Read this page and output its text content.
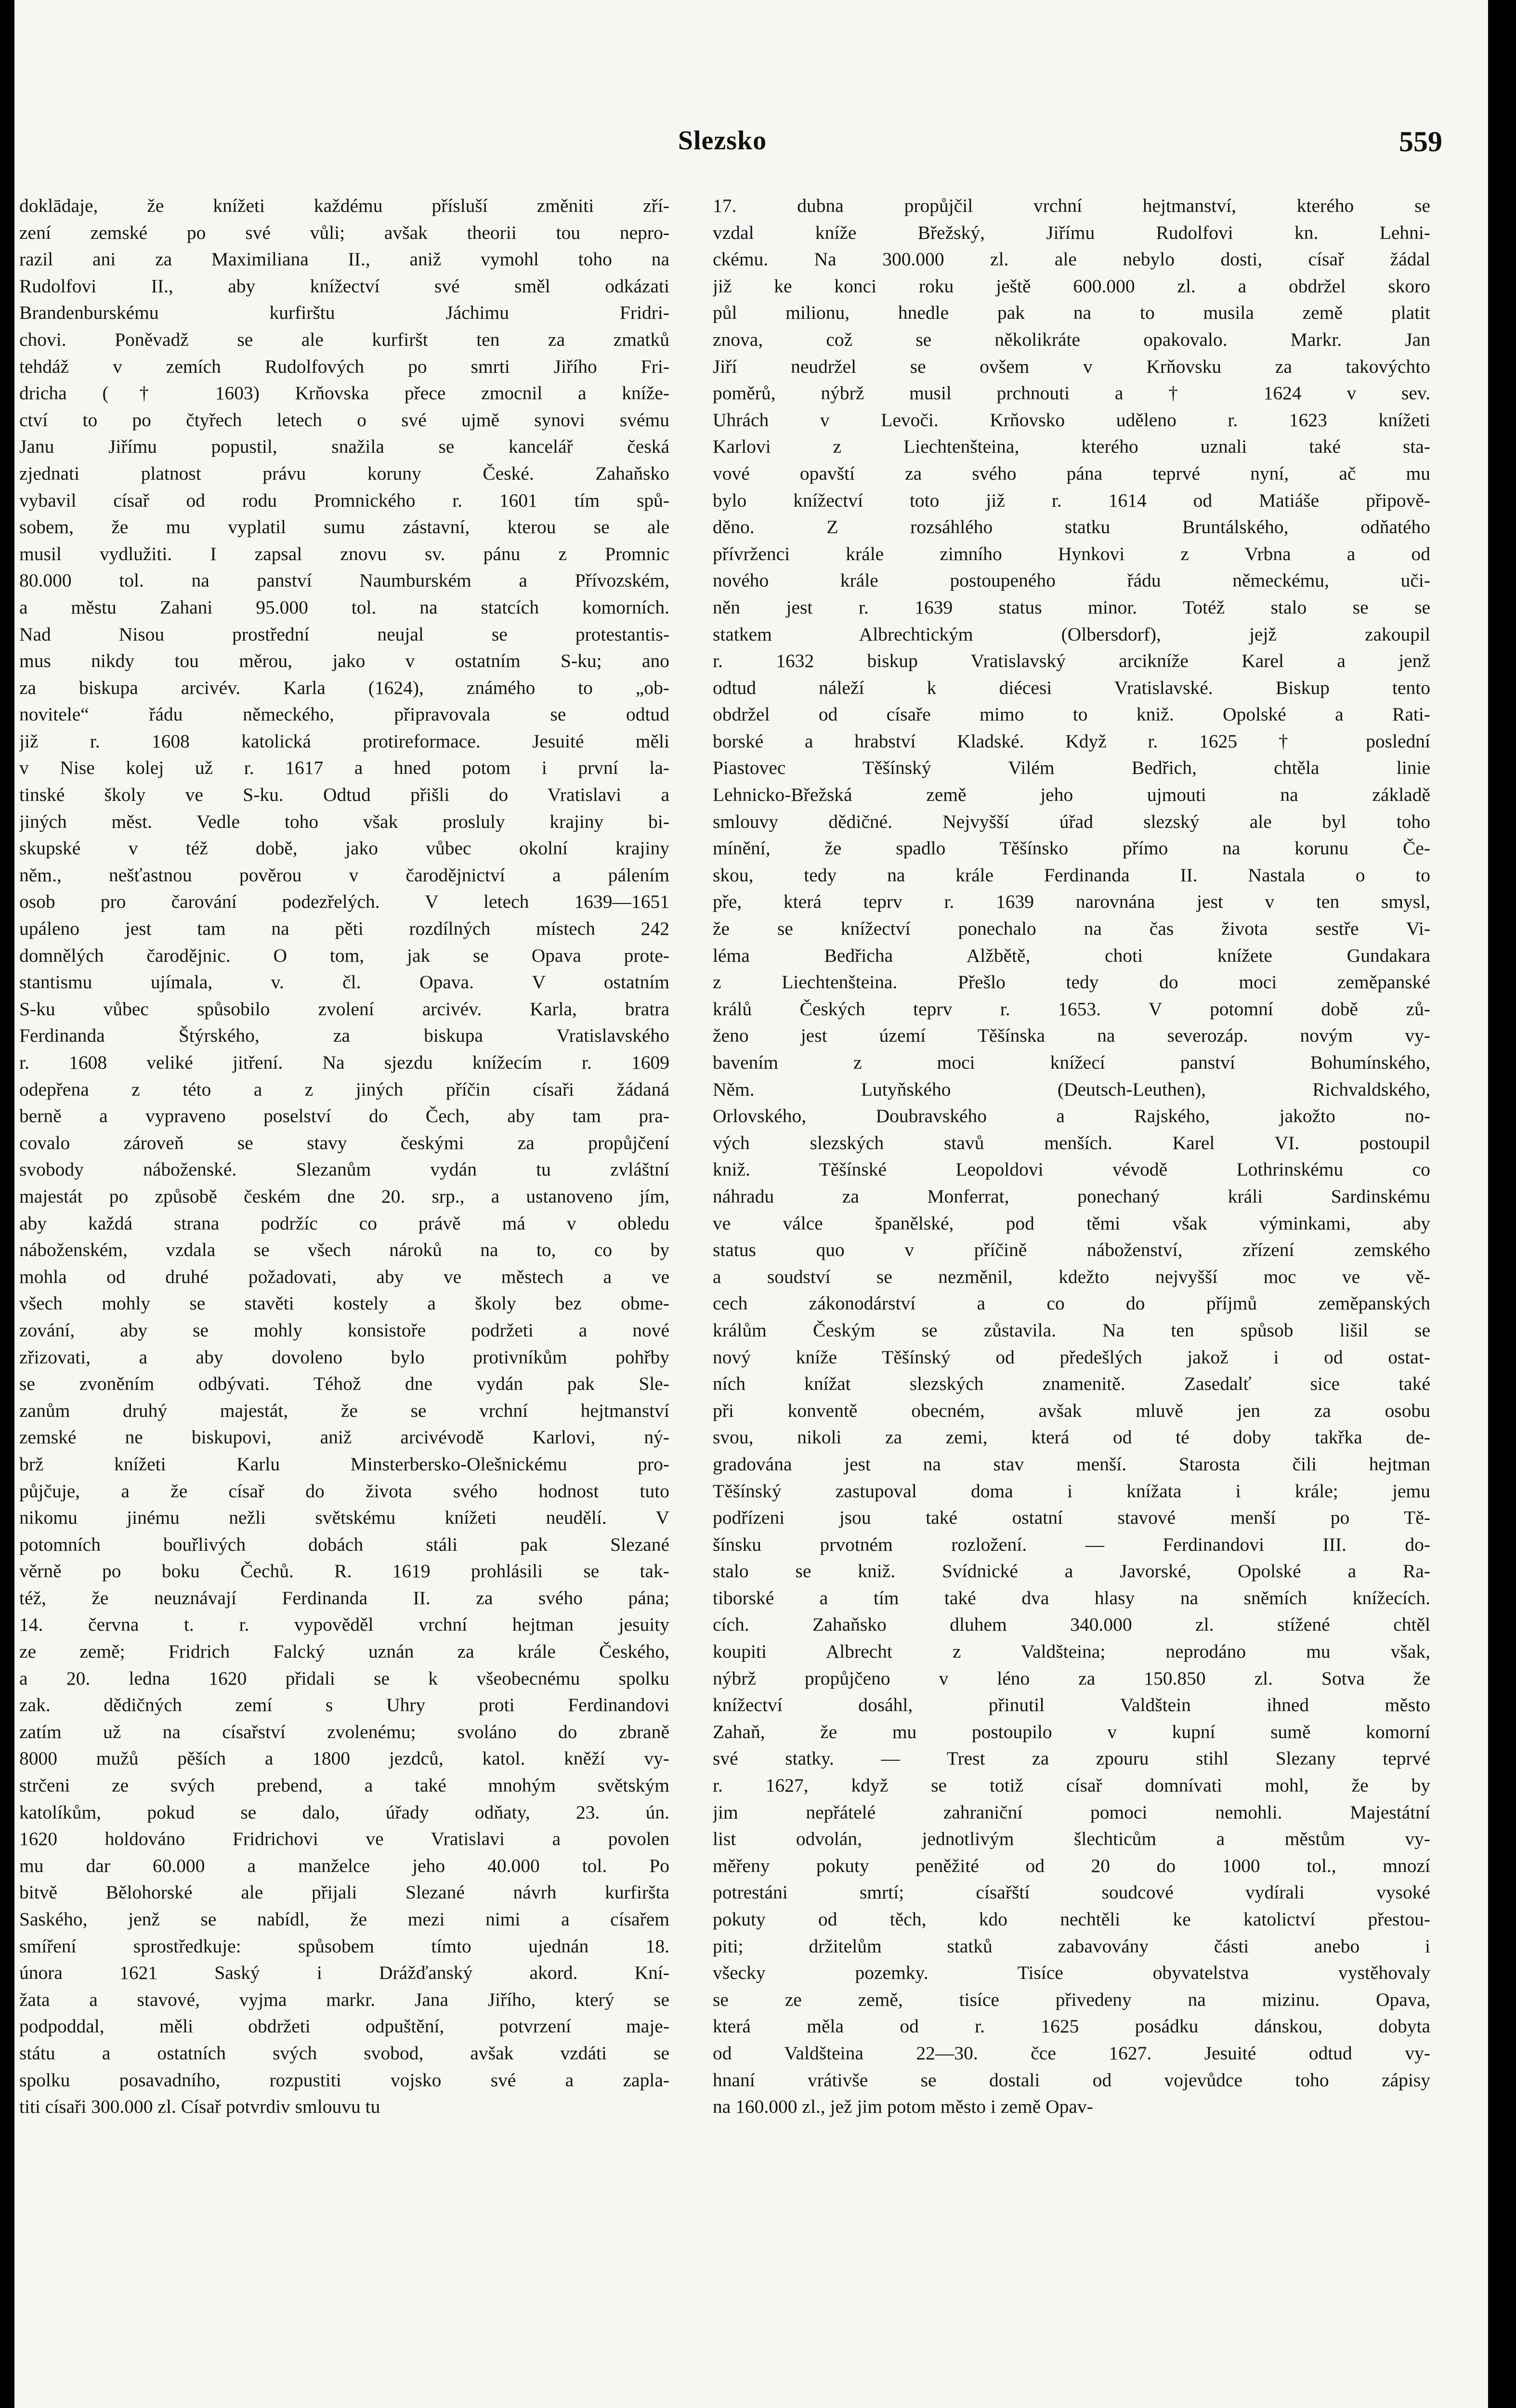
Slezsko	559
doklādaje, že knížeti každému přísluší změniti zří-
zení zemské po své vůli; avšak theorii tou nepro-
razil ani za Maximiliana II., aniž vymohl toho na
Rudolfovi II., aby knížectví své směl odkázati
Brandenburskému kurfirštu Jáchimu Fridri-
chovi. Poněvadž se ale kurfiršt ten za zmatků
tehdáž v zemích Rudolfových po smrti Jiřího Fri-
dricha († 1603) Krňovska přece zmocnil a kníže-
ctví to po čtyřech letech o své ujmě synovi svému
Janu Jiřímu popustil, snažila se kancelář česká
zjednati platnost právu koruny České. Zahaňsko
vybavil císař od rodu Promnického r. 1601 tím spů-
sobem, že mu vyplatil sumu zástavní, kterou se ale
musil vydlužiti. I zapsal znovu sv. pánu z Promnic
80.000 tol. na panství Naumburském a Přívozském,
a městu Zahani 95.000 tol. na statcích komorních.
Nad Nisou prostřední neujal se protestantis-
mus nikdy tou měrou, jako v ostatním S-ku; ano
za biskupa arcivév. Karla (1624), známého to „ob-
novitele“ řádu německého, připravovala se odtud
již r. 1608 katolická protireformace. Jesuité měli
v Nise kolej už r. 1617 a hned potom i první la-
tinské školy ve S-ku. Odtud přišli do Vratislavi a
jiných měst. Vedle toho však prosluly krajiny bi-
skupské v též době, jako vůbec okolní krajiny
něm., nešťastnou pověrou v čarodějnictví a pálením
osob pro čarování podezřelých. V letech 1639—1651
upáleno jest tam na pěti rozdílných místech 242
domnělých čarodějnic. O tom, jak se Opava prote-
stantismu ujímala, v. čl. Opava. V ostatním
S-ku vůbec spůsobilo zvolení arcivév. Karla, bratra
Ferdinanda Štýrského, za biskupa Vratislavského
r. 1608 veliké jitření. Na sjezdu knížecím r. 1609
odepřena z této a z jiných příčin císaři žádaná
berně a vypraveno poselství do Čech, aby tam pra-
covalo zároveň se stavy českými za propůjčení
svobody náboženské. Slezanům vydán tu zvláštní
majestát po způsobě českém dne 20. srp., a ustanoveno jím,
aby každá strana podržíc co právě má v obledu
náboženském, vzdala se všech nároků na to, co by
mohla od druhé požadovati, aby ve městech a ve
všech mohly se stavěti kostely a školy bez obme-
zování, aby se mohly konsistoře podržeti a nové
zřizovati, a aby dovoleno bylo protivníkům pohřby
se zvoněním odbývati. Téhož dne vydán pak Sle-
zanům druhý majestát, že se vrchní hejtmanství
zemské ne biskupovi, aniž arcivévodě Karlovi, ný-
brž knížeti Karlu Minsterbersko-Olešnickému pro-
půjčuje, a že císař do života svého hodnost tuto
nikomu jinému nežli světskému knížeti neudělí. V
potomních bouřlivých dobách stáli pak Slezané
věrně po boku Čechů. R. 1619 prohlásili se tak-
též, že neuznávají Ferdinanda II. za svého pána;
14. června t. r. vypověděl vrchní hejtman jesuity
ze země; Fridrich Falcký uznán za krále Českého,
a 20. ledna 1620 přidali se k všeobecnému spolku
zak. dědičných zemí s Uhry proti Ferdinandovi
zatím už na císařství zvolenému; svoláno do zbraně
8000 mužů pěších a 1800 jezdců, katol. kněží vy-
strčeni ze svých prebend, a také mnohým světským
katolíkům, pokud se dalo, úřady odňaty, 23. ún.
1620 holdováno Fridrichovi ve Vratislavi a povolen
mu dar 60.000 a manželce jeho 40.000 tol. Po
bitvě Bělohorské ale přijali Slezané návrh kurfiršta
Saského, jenž se nabídl, že mezi nimi a císařem
smíření sprostředkuje: spůsobem tímto ujednán 18.
února 1621 Saský i Drážďanský akord. Kní-
žata a stavové, vyjma markr. Jana Jiřího, který se
podpoddal, měli obdržeti odpuštění, potvrzení maje-
státu a ostatních svých svobod, avšak vzdáti se
spolku posavadního, rozpustiti vojsko své a zapla-
titi císaři 300.000 zl. Císař potvrdiv smlouvu tu
17. dubna propůjčil vrchní hejtmanství, kterého se
vzdal kníže Břežský, Jiřímu Rudolfovi kn. Lehni-
ckému. Na 300.000 zl. ale nebylo dosti, císař žádal
již ke konci roku ještě 600.000 zl. a obdržel skoro
půl milionu, hnedle pak na to musila země platit
znova, což se několikráte opakovalo. Markr. Jan
Jiří neudržel se ovšem v Krňovsku za takovýchto
poměrů, nýbrž musil prchnouti a † 1624 v sev.
Uhrách v Levoči. Krňovsko uděleno r. 1623 knížeti
Karlovi z Liechtenšteina, kterého uznali také sta-
vové opavští za svého pána teprvé nyní, ač mu
bylo knížectví toto již r. 1614 od Matiáše připově-
děno. Z rozsáhlého statku Bruntálského, odňatého
přívrženci krále zimního Hynkovi z Vrbna a od
nového krále postoupeného řádu německému, uči-
něn jest r. 1639 status minor. Totéž stalo se se
statkem Albrechtickým (Olbersdorf), jejž zakoupil
r. 1632 biskup Vratislavský arcikníže Karel a jenž
odtud náleží k diécesi Vratislavské. Biskup tento
obdržel od císaře mimo to kniž. Opolské a Rati-
borské a hrabství Kladské. Když r. 1625 † poslední
Piastovec Těšínský Vilém Bedřich, chtěla linie
Lehnicko-Břežská země jeho ujmouti na základě
smlouvy dědičné. Nejvyšší úřad slezský ale byl toho
mínění, že spadlo Těšínsko přímo na korunu Če-
skou, tedy na krále Ferdinanda II. Nastala o to
pře, která teprv r. 1639 narovnána jest v ten smysl,
že se knížectví ponechalo na čas života sestře Vi-
léma Bedřicha Alžbětě, choti knížete Gundakara
z Liechtenšteina. Přešlo tedy do moci zeměpanské
králů Českých teprv r. 1653. V potomní době zů-
ženo jest území Těšínska na severozáp. novým vy-
bavením z moci knížecí panství Bohumínského,
Něm. Lutyňského (Deutsch-Leuthen), Richvaldského,
Orlovského, Doubravského a Rajského, jakožto no-
vých slezských stavů menších. Karel VI. postoupil
kniž. Těšínské Leopoldovi vévodě Lothrinskému co
náhradu za Monferrat, ponechaný králi Sardinskému
ve válce španělské, pod těmi však výminkami, aby
status quo v příčině náboženství, zřízení zemského
a soudství se nezměnil, kdežto nejvyšší moc ve vě-
cech zákonodárství a co do příjmů zeměpanských
králům Českým se zůstavila. Na ten spůsob lišil se
nový kníže Těšínský od předešlých jakož i od ostat-
ních knížat slezských znamenitě. Zasedalť sice také
při konventě obecném, avšak mluvě jen za osobu
svou, nikoli za zemi, která od té doby takřka de-
gradována jest na stav menší. Starosta čili hejtman
Těšínský zastupoval doma i knížata i krále; jemu
podřízeni jsou také ostatní stavové menší po Tě-
šínsku prvotném rozložení. — Ferdinandovi III. do-
stalo se kniž. Svídnické a Javorské, Opolské a Ra-
tiborské a tím také dva hlasy na sněmích knížecích.
cích. Zahaňsko dluhem 340.000 zl. stížené chtěl
koupiti Albrecht z Valdšteina; neprodáno mu však,
nýbrž propůjčeno v léno za 150.850 zl. Sotva že
knížectví dosáhl, přinutil Valdštein ihned město
Zahaň, že mu postoupilo v kupní sumě komorní
své statky. — Trest za zpouru stihl Slezany teprvé
r. 1627, když se totiž císař domnívati mohl, že by
jim nepřátelé zahraniční pomoci nemohli. Majestátní
list odvolán, jednotlivým šlechticům a městům vy-
měřeny pokuty peněžité od 20 do 1000 tol., mnozí
potrestáni smrtí; císařští soudcové vydírali vysoké
pokuty od těch, kdo nechtěli ke katolictví přestou-
piti; držitelům statků zabavovány části anebo i
všecky pozemky. Tisíce obyvatelstva vystěhovaly
se ze země, tisíce přivedeny na mizinu. Opava,
která měla od r. 1625 posádku dánskou, dobyta
od Valdšteina 22—30. čce 1627. Jesuité odtud vy-
hnaní vrátivše se dostali od vojevůdce toho zápisy
na 160.000 zl., jež jim potom město i země Opav-
